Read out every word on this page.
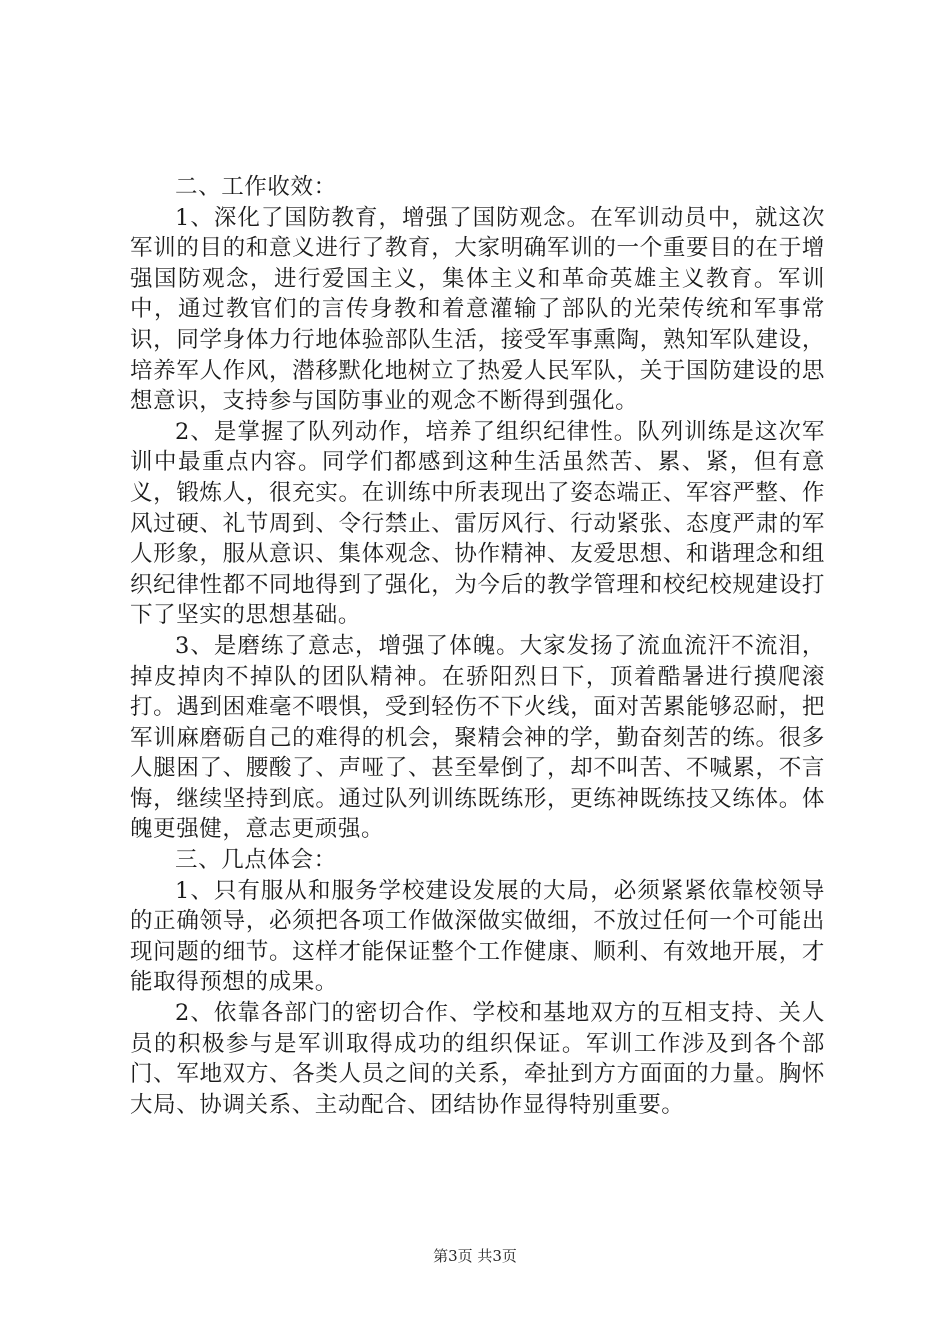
二、工作收效：

1、深化了国防教育，增强了国防观念。在军训动员中，就这次军训的目的和意义进行了教育，大家明确军训的一个重要目的在于增强国防观念，进行爱国主义，集体主义和革命英雄主义教育。军训中，通过教官们的言传身教和着意灌输了部队的光荣传统和军事常识，同学身体力行地体验部队生活，接受军事熏陶，熟知军队建设，培养军人作风，潜移默化地树立了热爱人民军队，关于国防建设的思想意识，支持参与国防事业的观念不断得到强化。

2、是掌握了队列动作，培养了组织纪律性。队列训练是这次军训中最重点内容。同学们都感到这种生活虽然苦、累、紧，但有意义，锻炼人，很充实。在训练中所表现出了姿态端正、军容严整、作风过硬、礼节周到、令行禁止、雷厉风行、行动紧张、态度严肃的军人形象，服从意识、集体观念、协作精神、友爱思想、和谐理念和组织纪律性都不同地得到了强化，为今后的教学管理和校纪校规建设打下了坚实的思想基础。

3、是磨练了意志，增强了体魄。大家发扬了流血流汗不流泪，掉皮掉肉不掉队的团队精神。在骄阳烈日下，顶着酷暑进行摸爬滚打。遇到困难毫不喂惧，受到轻伤不下火线，面对苦累能够忍耐，把军训麻磨砺自己的难得的机会，聚精会神的学，勤奋刻苦的练。很多人腿困了、腰酸了、声哑了、甚至晕倒了，却不叫苦、不喊累，不言悔，继续坚持到底。通过队列训练既练形，更练神既练技又练体。体魄更强健，意志更顽强。

三、几点体会：

1、只有服从和服务学校建设发展的大局，必须紧紧依靠校领导的正确领导，必须把各项工作做深做实做细，不放过任何一个可能出现问题的细节。这样才能保证整个工作健康、顺利、有效地开展，才能取得预想的成果。

2、依靠各部门的密切合作、学校和基地双方的互相支持、关人员的积极参与是军训取得成功的组织保证。军训工作涉及到各个部门、军地双方、各类人员之间的关系，牵扯到方方面面的力量。胸怀大局、协调关系、主动配合、团结协作显得特别重要。

第3页 共3页
